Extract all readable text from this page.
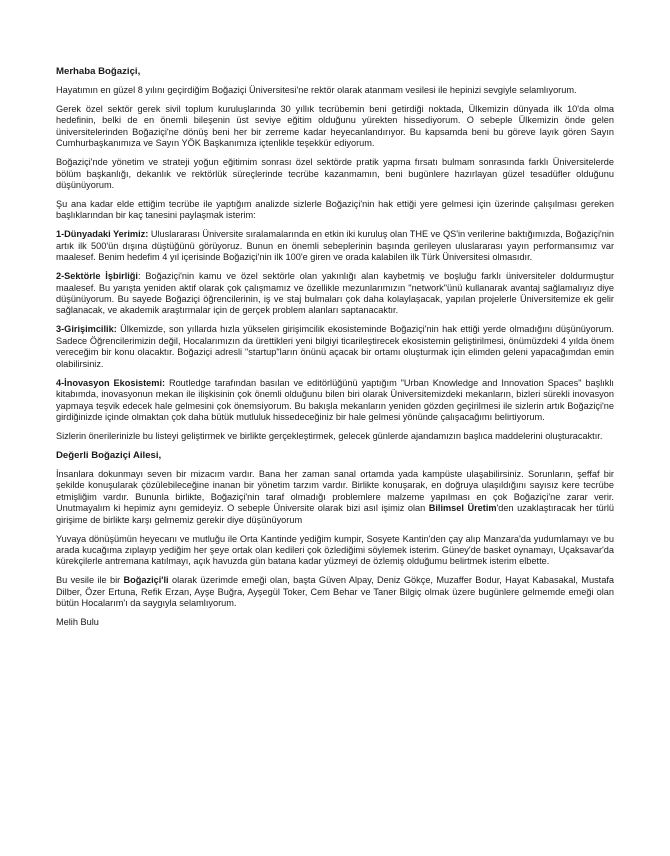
Merhaba Boğaziçi,

Hayatımın en güzel 8 yılını geçirdiğim Boğaziçi Üniversitesi'ne rektör olarak atanmam vesilesi ile hepinizi sevgiyle selamlıyorum.

Gerek özel sektör gerek sivil toplum kuruluşlarında 30 yıllık tecrübemin beni getirdiği noktada, Ülkemizin dünyada ilk 10'da olma hedefinin, belki de en önemli bileşenin üst seviye eğitim olduğunu yürekten hissediyorum. O sebeple Ülkemizin önde gelen üniversitelerinden Boğaziçi'ne dönüş beni her bir zerreme kadar heyecanlandırıyor. Bu kapsamda beni bu göreve layık gören Sayın Cumhurbaşkanımıza ve Sayın YÖK Başkanımıza içtenlikle teşekkür ediyorum.

Boğaziçi'nde yönetim ve strateji yoğun eğitimim sonrası özel sektörde pratik yapma fırsatı bulmam sonrasında farklı Üniversitelerde bölüm başkanlığı, dekanlık ve rektörlük süreçlerinde tecrübe kazanmamın, beni bugünlere hazırlayan güzel tesadüfler olduğunu düşünüyorum.

Şu ana kadar elde ettiğim tecrübe ile yaptığım analizde sizlerle Boğaziçi'nin hak ettiği yere gelmesi için üzerinde çalışılması gereken başlıklarından bir kaç tanesini paylaşmak isterim:

1-Dünyadaki Yerimiz: Uluslararası Üniversite sıralamalarında en etkin iki kuruluş olan THE ve QS'in verilerine baktığımızda, Boğaziçi'nin artık ilk 500'ün dışına düştüğünü görüyoruz. Bunun en önemli sebeplerinin başında gerileyen uluslararası yayın performansımız var maalesef. Benim hedefim 4 yıl içerisinde Boğaziçi'nin ilk 100'e giren ve orada kalabilen ilk Türk Üniversitesi olmasıdır.

2-Sektörle İşbirliği: Boğaziçi'nin kamu ve özel sektörle olan yakınlığı alan kaybetmiş ve boşluğu farklı üniversiteler doldurmuştur maalesef. Bu yarışta yeniden aktif olarak çok çalışmamız ve özellikle mezunlarımızın "network"ünü kullanarak avantaj sağlamalıyız diye düşünüyorum. Bu sayede Boğaziçi öğrencilerinin, iş ve staj bulmaları çok daha kolaylaşacak, yapılan projelerle Üniversitemize ek gelir sağlanacak, ve akademik araştırmalar için de gerçek problem alanları saptanacaktır.

3-Girişimcilik: Ülkemizde, son yıllarda hızla yükselen girişimcilik ekosisteminde Boğaziçi'nin hak ettiği yerde olmadığını düşünüyorum. Sadece Öğrencilerimizin değil, Hocalarımızın da ürettikleri yeni bilgiyi ticarileştirecek ekosistemin geliştirilmesi, önümüzdeki 4 yılda önem vereceğim bir konu olacaktır. Boğaziçi adresli "startup"ların önünü açacak bir ortamı oluşturmak için elimden geleni yapacağımdan emin olabilirsiniz.

4-İnovasyon Ekosistemi: Routledge tarafından basılan ve editörlüğünü yaptığım "Urban Knowledge and Innovation Spaces" başlıklı kitabımda, inovasyonun mekan ile ilişkisinin çok önemli olduğunu bilen biri olarak Üniversitemizdeki mekanların, bizleri sürekli inovasyon yapmaya teşvik edecek hale gelmesini çok önemsiyorum. Bu bakışla mekanların yeniden gözden geçirilmesi ile sizlerin artık Boğaziçi'ne girdiğinizde içinde olmaktan çok daha bütük mutluluk hissedeceğiniz bir hale gelmesi yönünde çalışacağımı belirtiyorum.

Sizlerin önerilerinizle bu listeyi geliştirmek ve birlikte gerçekleştirmek, gelecek günlerde ajandamızın başlıca maddelerini oluşturacaktır.

Değerli Boğaziçi Ailesi,

İnsanlara dokunmayı seven bir mizacım vardır. Bana her zaman sanal ortamda yada kampüste ulaşabilirsiniz. Sorunların, şeffaf bir şekilde konuşularak çözülebileceğine inanan bir yönetim tarzım vardır. Birlikte konuşarak, en doğruya ulaşıldığını sayısız kere tecrübe etmişliğim vardır. Bununla birlikte, Boğaziçi'nin taraf olmadığı problemlere malzeme yapılması en çok Boğaziçi'ne zarar verir. Unutmayalım ki hepimiz aynı gemideyiz. O sebeple Üniversite olarak bizi asıl işimiz olan Bilimsel Üretim'den uzaklaştıracak her türlü girişime de birlikte karşı gelmemiz gerekir diye düşünüyorum

Yuvaya dönüşümün heyecanı ve mutluğu ile Orta Kantinde yediğim kumpir, Sosyete Kantin'den çay alıp Manzara'da yudumlamayı ve bu arada kucağıma zıplayıp yediğim her şeye ortak olan kedileri çok özlediğimi söylemek isterim. Güney'de basket oynamayı, Uçaksavar'da kürekçilerle antremana katılmayı, açık havuzda gün batana kadar yüzmeyi de özlemiş olduğumu belirtmek isterim elbette.

Bu vesile ile bir Boğaziçi'li olarak üzerimde emeği olan, başta Güven Alpay, Deniz Gökçe, Muzaffer Bodur, Hayat Kabasakal, Mustafa Dilber, Özer Ertuna, Refik Erzan, Ayşe Buğra, Ayşegül Toker, Cem Behar ve Taner Bilgiç olmak üzere bugünlere gelmemde emeği olan bütün Hocalarım'ı da saygıyla selamlıyorum.

Melih Bulu
